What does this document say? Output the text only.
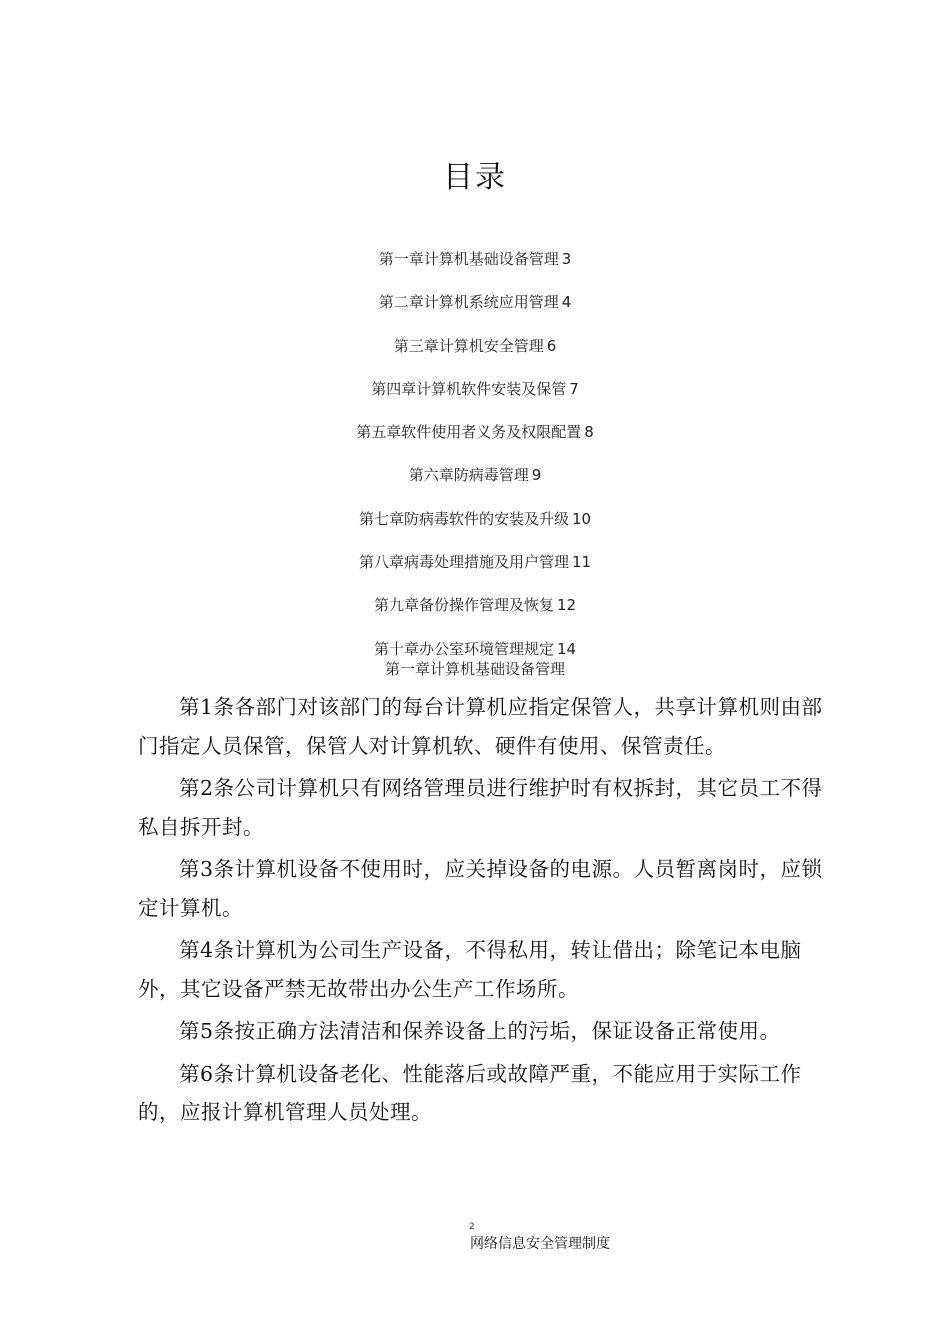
目录
第一章计算机基础设备管理 3
第二章计算机系统应用管理 4
第三章计算机安全管理 6
第四章计算机软件安装及保管 7
第五章软件使用者义务及权限配置 8
第六章防病毒管理 9
第七章防病毒软件的安装及升级 10
第八章病毒处理措施及用户管理 11
第九章备份操作管理及恢复 12
第十章办公室环境管理规定 14
第一章计算机基础设备管理

第1条各部门对该部门的每台计算机应指定保管人，共享计算机则由部门指定人员保管，保管人对计算机软、硬件有使用、保管责任。

第2条公司计算机只有网络管理员进行维护时有权拆封，其它员工不得私自拆开封。

第3条计算机设备不使用时，应关掉设备的电源。人员暂离岗时，应锁定计算机。

第4条计算机为公司生产设备，不得私用，转让借出；除笔记本电脑外，其它设备严禁无故带出办公生产工作场所。

第5条按正确方法清洁和保养设备上的污垢，保证设备正常使用。

第6条计算机设备老化、性能落后或故障严重，不能应用于实际工作的，应报计算机管理人员处理。

2
网络信息安全管理制度
